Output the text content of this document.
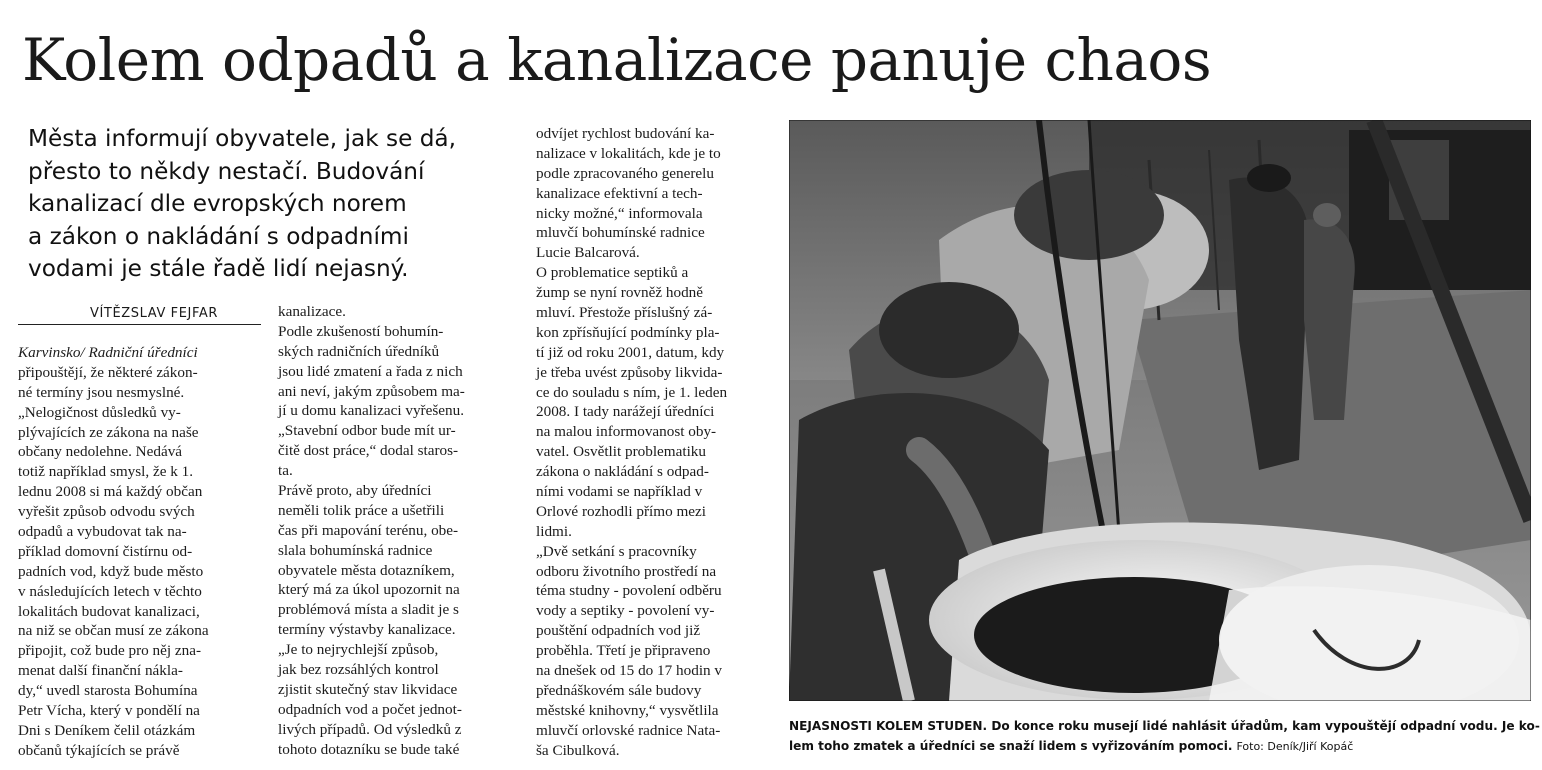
Kolem odpadů a kanalizace panuje chaos

Města informují obyvatele, jak se dá,
přesto to někdy nestačí. Budování
kanalizací dle evropských norem
a zákon o nakládání s odpadními
vodami je stále řadě lidí nejasný.

VÍTĚZSLAV FEJFAR
Karvinsko/ Radniční úředníci
připouštějí, že některé zákon-
né termíny jsou nesmyslné.
„Nelogičnost důsledků vy-
plývajících ze zákona na naše
občany nedolehne. Nedává
totiž například smysl, že k 1.
lednu 2008 si má každý občan
vyřešit způsob odvodu svých
odpadů a vybudovat tak na-
příklad domovní čistírnu od-
padních vod, když bude město
v následujících letech v těchto
lokalitách budovat kanalizaci,
na niž se občan musí ze zákona
připojit, což bude pro něj zna-
menat další finanční nákla-
dy,“ uvedl starosta Bohumína
Petr Vícha, který v pondělí na
Dni s Deníkem čelil otázkám
občanů týkajících se právě
kanalizace.
Podle zkušeností bohumín-
ských radničních úředníků
jsou lidé zmatení a řada z nich
ani neví, jakým způsobem ma-
jí u domu kanalizaci vyřešenu.
„Stavební odbor bude mít ur-
čitě dost práce,“ dodal staros-
ta.
Právě proto, aby úředníci
neměli tolik práce a ušetřili
čas při mapování terénu, obe-
slala bohumínská radnice
obyvatele města dotazníkem,
který má za úkol upozornit na
problémová místa a sladit je s
termíny výstavby kanalizace.
„Je to nejrychlejší způsob,
jak bez rozsáhlých kontrol
zjistit skutečný stav likvidace
odpadních vod a počet jednot-
livých případů. Od výsledků z
tohoto dotazníku se bude také
odvíjet rychlost budování ka-
nalizace v lokalitách, kde je to
podle zpracovaného generelu
kanalizace efektivní a tech-
nicky možné,“ informovala
mluvčí bohumínské radnice
Lucie Balcarová.
O problematice septiků a
žump se nyní rovněž hodně
mluví. Přestože příslušný zá-
kon zpřísňující podmínky pla-
tí již od roku 2001, datum, kdy
je třeba uvést způsoby likvida-
ce do souladu s ním, je 1. leden
2008. I tady narážejí úředníci
na malou informovanost oby-
vatel. Osvětlit problematiku
zákona o nakládání s odpad-
ními vodami se například v
Orlové rozhodli přímo mezi
lidmi.
„Dvě setkání s pracovníky
odboru životního prostředí na
téma studny - povolení odběru
vody a septiky - povolení vy-
pouštění odpadních vod již
proběhla. Třetí je připraveno
na dnešek od 15 do 17 hodin v
přednáškovém sále budovy
městské knihovny,“ vysvětlila
mluvčí orlovské radnice Nata-
ša Cibulková.
NEJASNOSTI KOLEM STUDEN. Do konce roku musejí lidé nahlásit úřadům, kam vypouštějí odpadní vodu. Je ko-
lem toho zmatek a úředníci se snaží lidem s vyřizováním pomoci. Foto: Deník/Jiří Kopáč
